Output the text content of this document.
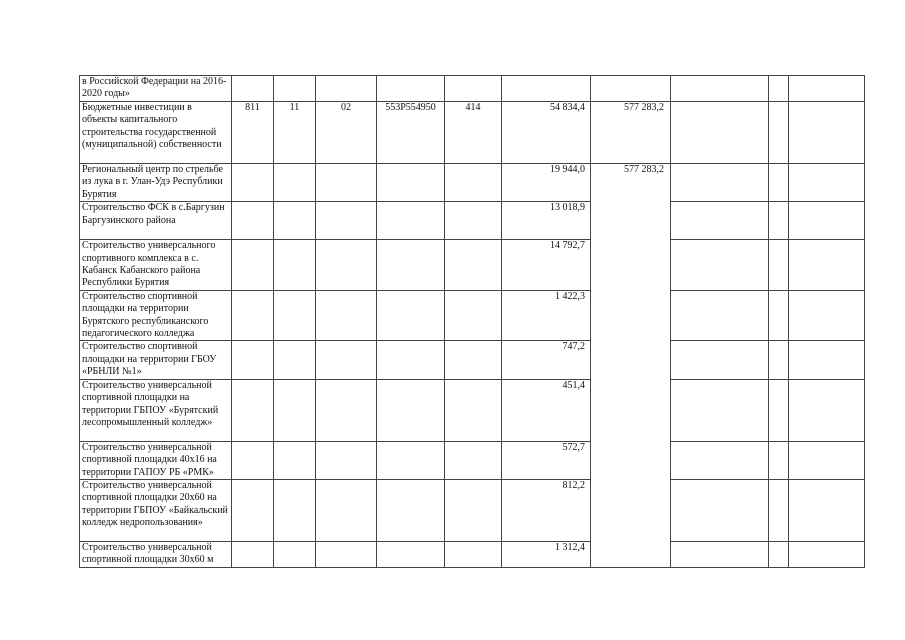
в Российской Федерации на 2016-2020 годы»										
Бюджетные инвестиции в объекты капитального строительства государственной (муниципальной) собственности	811	11	02	553P554950	414	54 834,4	577 283,2			
Региональный центр по стрельбе из лука в г. Улан-Удэ Республики Бурятия						19 944,0	577 283,2			
Строительство ФСК в с.Баргузин Баргузинского района						13 018,9				
Строительство универсального спортивного комплекса в с. Кабанск Кабанского района Республики Бурятия						14 792,7				
Строительство спортивной площадки на территории Бурятского республиканского педагогического колледжа						1 422,3				
Строительство спортивной площадки на территории ГБОУ «РБНЛИ №1»						747,2				
Строительство универсальной спортивной площадки на территории ГБПОУ «Бурятский лесопромышленный колледж»						451,4				
Строительство универсальной спортивной площадки 40х16 на территории ГАПОУ РБ «РМК»						572,7				
Строительство универсальной спортивной площадки 20х60 на территории ГБПОУ «Байкальский колледж недропользования»						812,2				
Строительство универсальной спортивной площадки 30х60 м						1 312,4				
